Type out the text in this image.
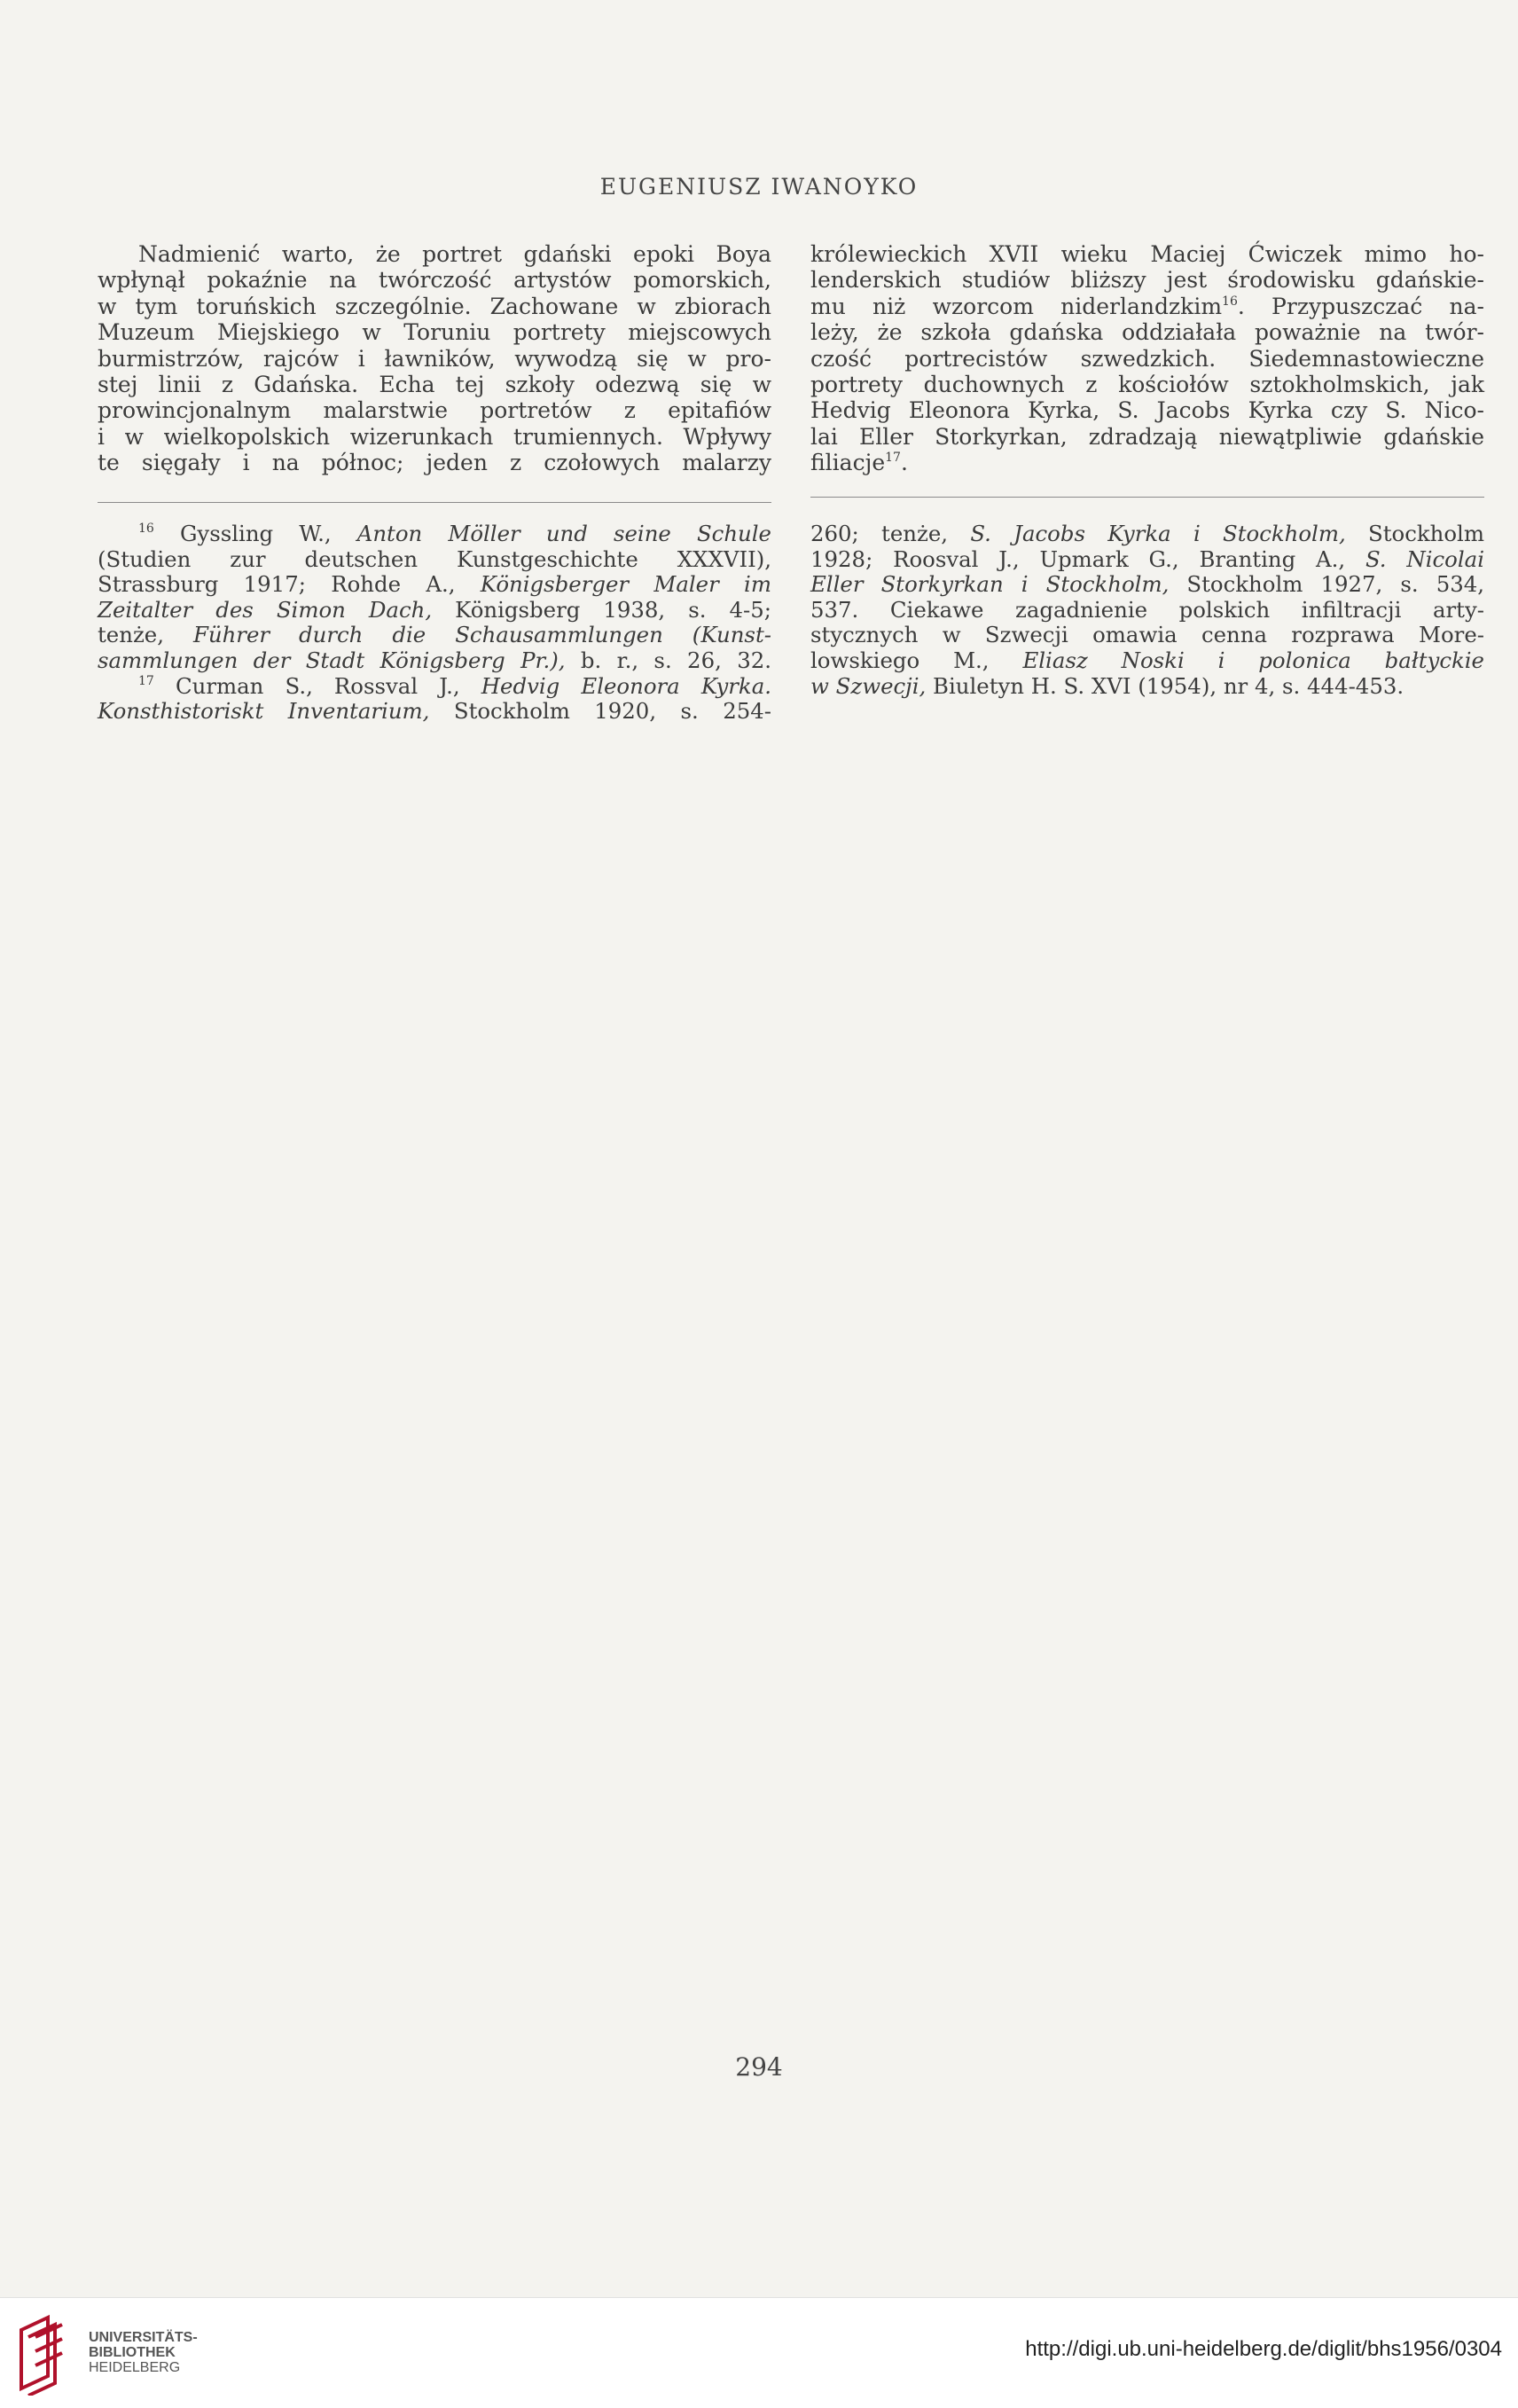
EUGENIUSZ IWANOYKO

Nadmienić warto, że portret gdański epoki Boya
wpłynął pokaźnie na twórczość artystów pomorskich,
w tym toruńskich szczególnie. Zachowane w zbiorach
Muzeum Miejskiego w Toruniu portrety miejscowych
burmistrzów, rajców i ławników, wywodzą się w pro-
stej linii z Gdańska. Echa tej szkoły odezwą się w
prowincjonalnym malarstwie portretów z epitafiów
i w wielkopolskich wizerunkach trumiennych. Wpływy
te sięgały i na północ; jeden z czołowych malarzy

$^{16}$ Gyssling W., Anton Möller und seine Schule
(Studien zur deutschen Kunstgeschichte XXXVII),
Strassburg 1917; Rohde A., Königsberger Maler im
Zeitalter des Simon Dach, Königsberg 1938, s. 4-5;
tenże, Führer durch die Schausammlungen (Kunst-
sammlungen der Stadt Königsberg Pr.), b. r., s. 26, 32.

$^{17}$ Curman S., Rossval J., Hedvig Eleonora Kyrka.
Konsthistoriskt Inventarium, Stockholm 1920, s. 254-

królewieckich XVII wieku Maciej Ćwiczek mimo ho-
lenderskich studiów bliższy jest środowisku gdańskie-
mu niż wzorcom niderlandzkim$^{16}$. Przypuszczać na-
leży, że szkoła gdańska oddziałała poważnie na twór-
czość portrecistów szwedzkich. Siedemnastowieczne
portrety duchownych z kościołów sztokholmskich, jak
Hedvig Eleonora Kyrka, S. Jacobs Kyrka czy S. Nico-
lai Eller Storkyrkan, zdradzają niewątpliwie gdańskie
filiacje$^{17}$.

260; tenże, S. Jacobs Kyrka i Stockholm, Stockholm
1928; Roosval J., Upmark G., Branting A., S. Nicolai
Eller Storkyrkan i Stockholm, Stockholm 1927, s. 534,
537. Ciekawe zagadnienie polskich infiltracji arty-
stycznych w Szwecji omawia cenna rozprawa More-
lowskiego M., Eliasz Noski i polonica bałtyckie
w Szwecji, Biuletyn H. S. XVI (1954), nr 4, s. 444-453.

294
UNIVERSITÄTS-
BIBLIOTHEK
HEIDELBERG
http://digi.ub.uni-heidelberg.de/diglit/bhs1956/0304
